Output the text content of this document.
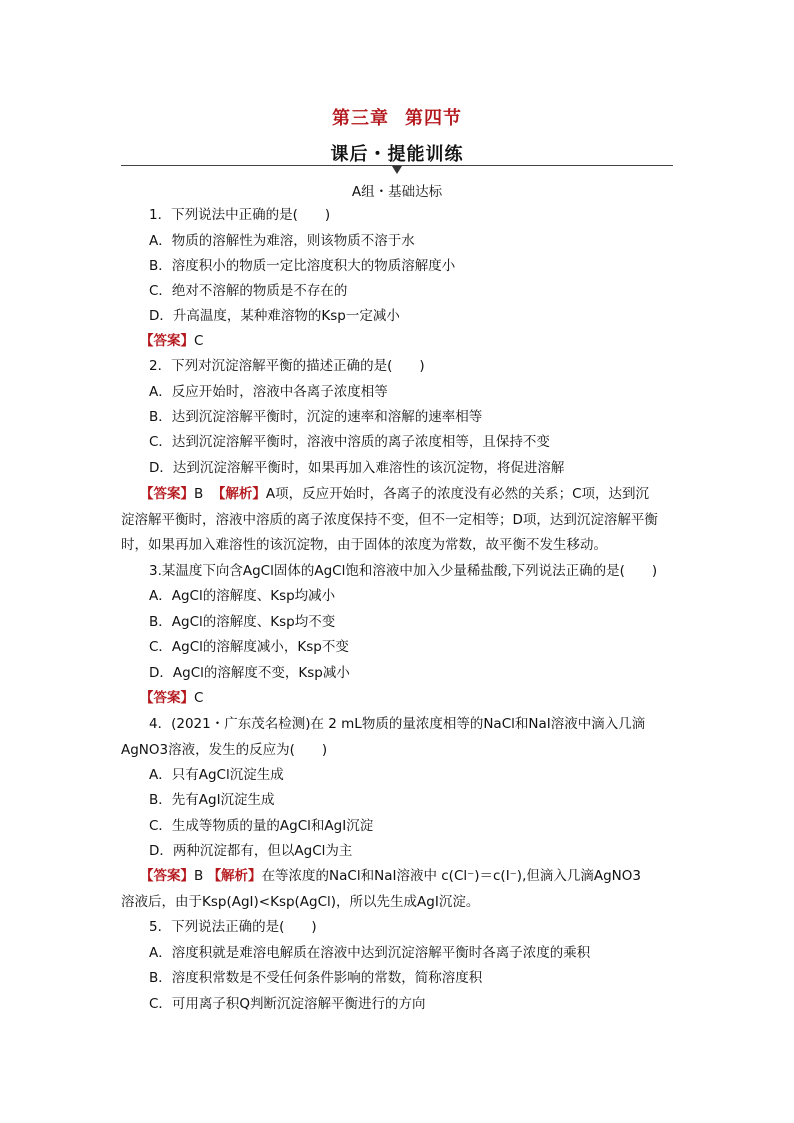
第三章 第四节
课后・提能训练
A组・基础达标
1．下列说法中正确的是(　　)
A．物质的溶解性为难溶，则该物质不溶于水
B．溶度积小的物质一定比溶度积大的物质溶解度小
C．绝对不溶解的物质是不存在的
D．升高温度，某种难溶物的Ksp一定减小
【答案】C
2．下列对沉淀溶解平衡的描述正确的是(　　)
A．反应开始时，溶液中各离子浓度相等
B．达到沉淀溶解平衡时，沉淀的速率和溶解的速率相等
C．达到沉淀溶解平衡时，溶液中溶质的离子浓度相等，且保持不变
D．达到沉淀溶解平衡时，如果再加入难溶性的该沉淀物，将促进溶解
【答案】B 【解析】A项，反应开始时，各离子的浓度没有必然的关系；C项，达到沉
淀溶解平衡时，溶液中溶质的离子浓度保持不变，但不一定相等；D项，达到沉淀溶解平衡
时，如果再加入难溶性的该沉淀物，由于固体的浓度为常数，故平衡不发生移动。
3.某温度下向含AgCl固体的AgCl饱和溶液中加入少量稀盐酸,下列说法正确的是(　　)
A．AgCl的溶解度、Ksp均减小
B．AgCl的溶解度、Ksp均不变
C．AgCl的溶解度减小，Ksp不变
D．AgCl的溶解度不变，Ksp减小
【答案】C
4．(2021・广东茂名检测)在 2 mL物质的量浓度相等的NaCl和NaI溶液中滴入几滴
AgNO3溶液，发生的反应为(　　)
A．只有AgCl沉淀生成
B．先有AgI沉淀生成
C．生成等物质的量的AgCl和AgI沉淀
D．两种沉淀都有，但以AgCl为主
【答案】B 【解析】在等浓度的NaCl和NaI溶液中 c(Cl⁻)＝c(I⁻),但滴入几滴AgNO3
溶液后，由于Ksp(AgI)<Ksp(AgCl)，所以先生成AgI沉淀。
5．下列说法正确的是(　　)
A．溶度积就是难溶电解质在溶液中达到沉淀溶解平衡时各离子浓度的乘积
B．溶度积常数是不受任何条件影响的常数，简称溶度积
C．可用离子积Q判断沉淀溶解平衡进行的方向
